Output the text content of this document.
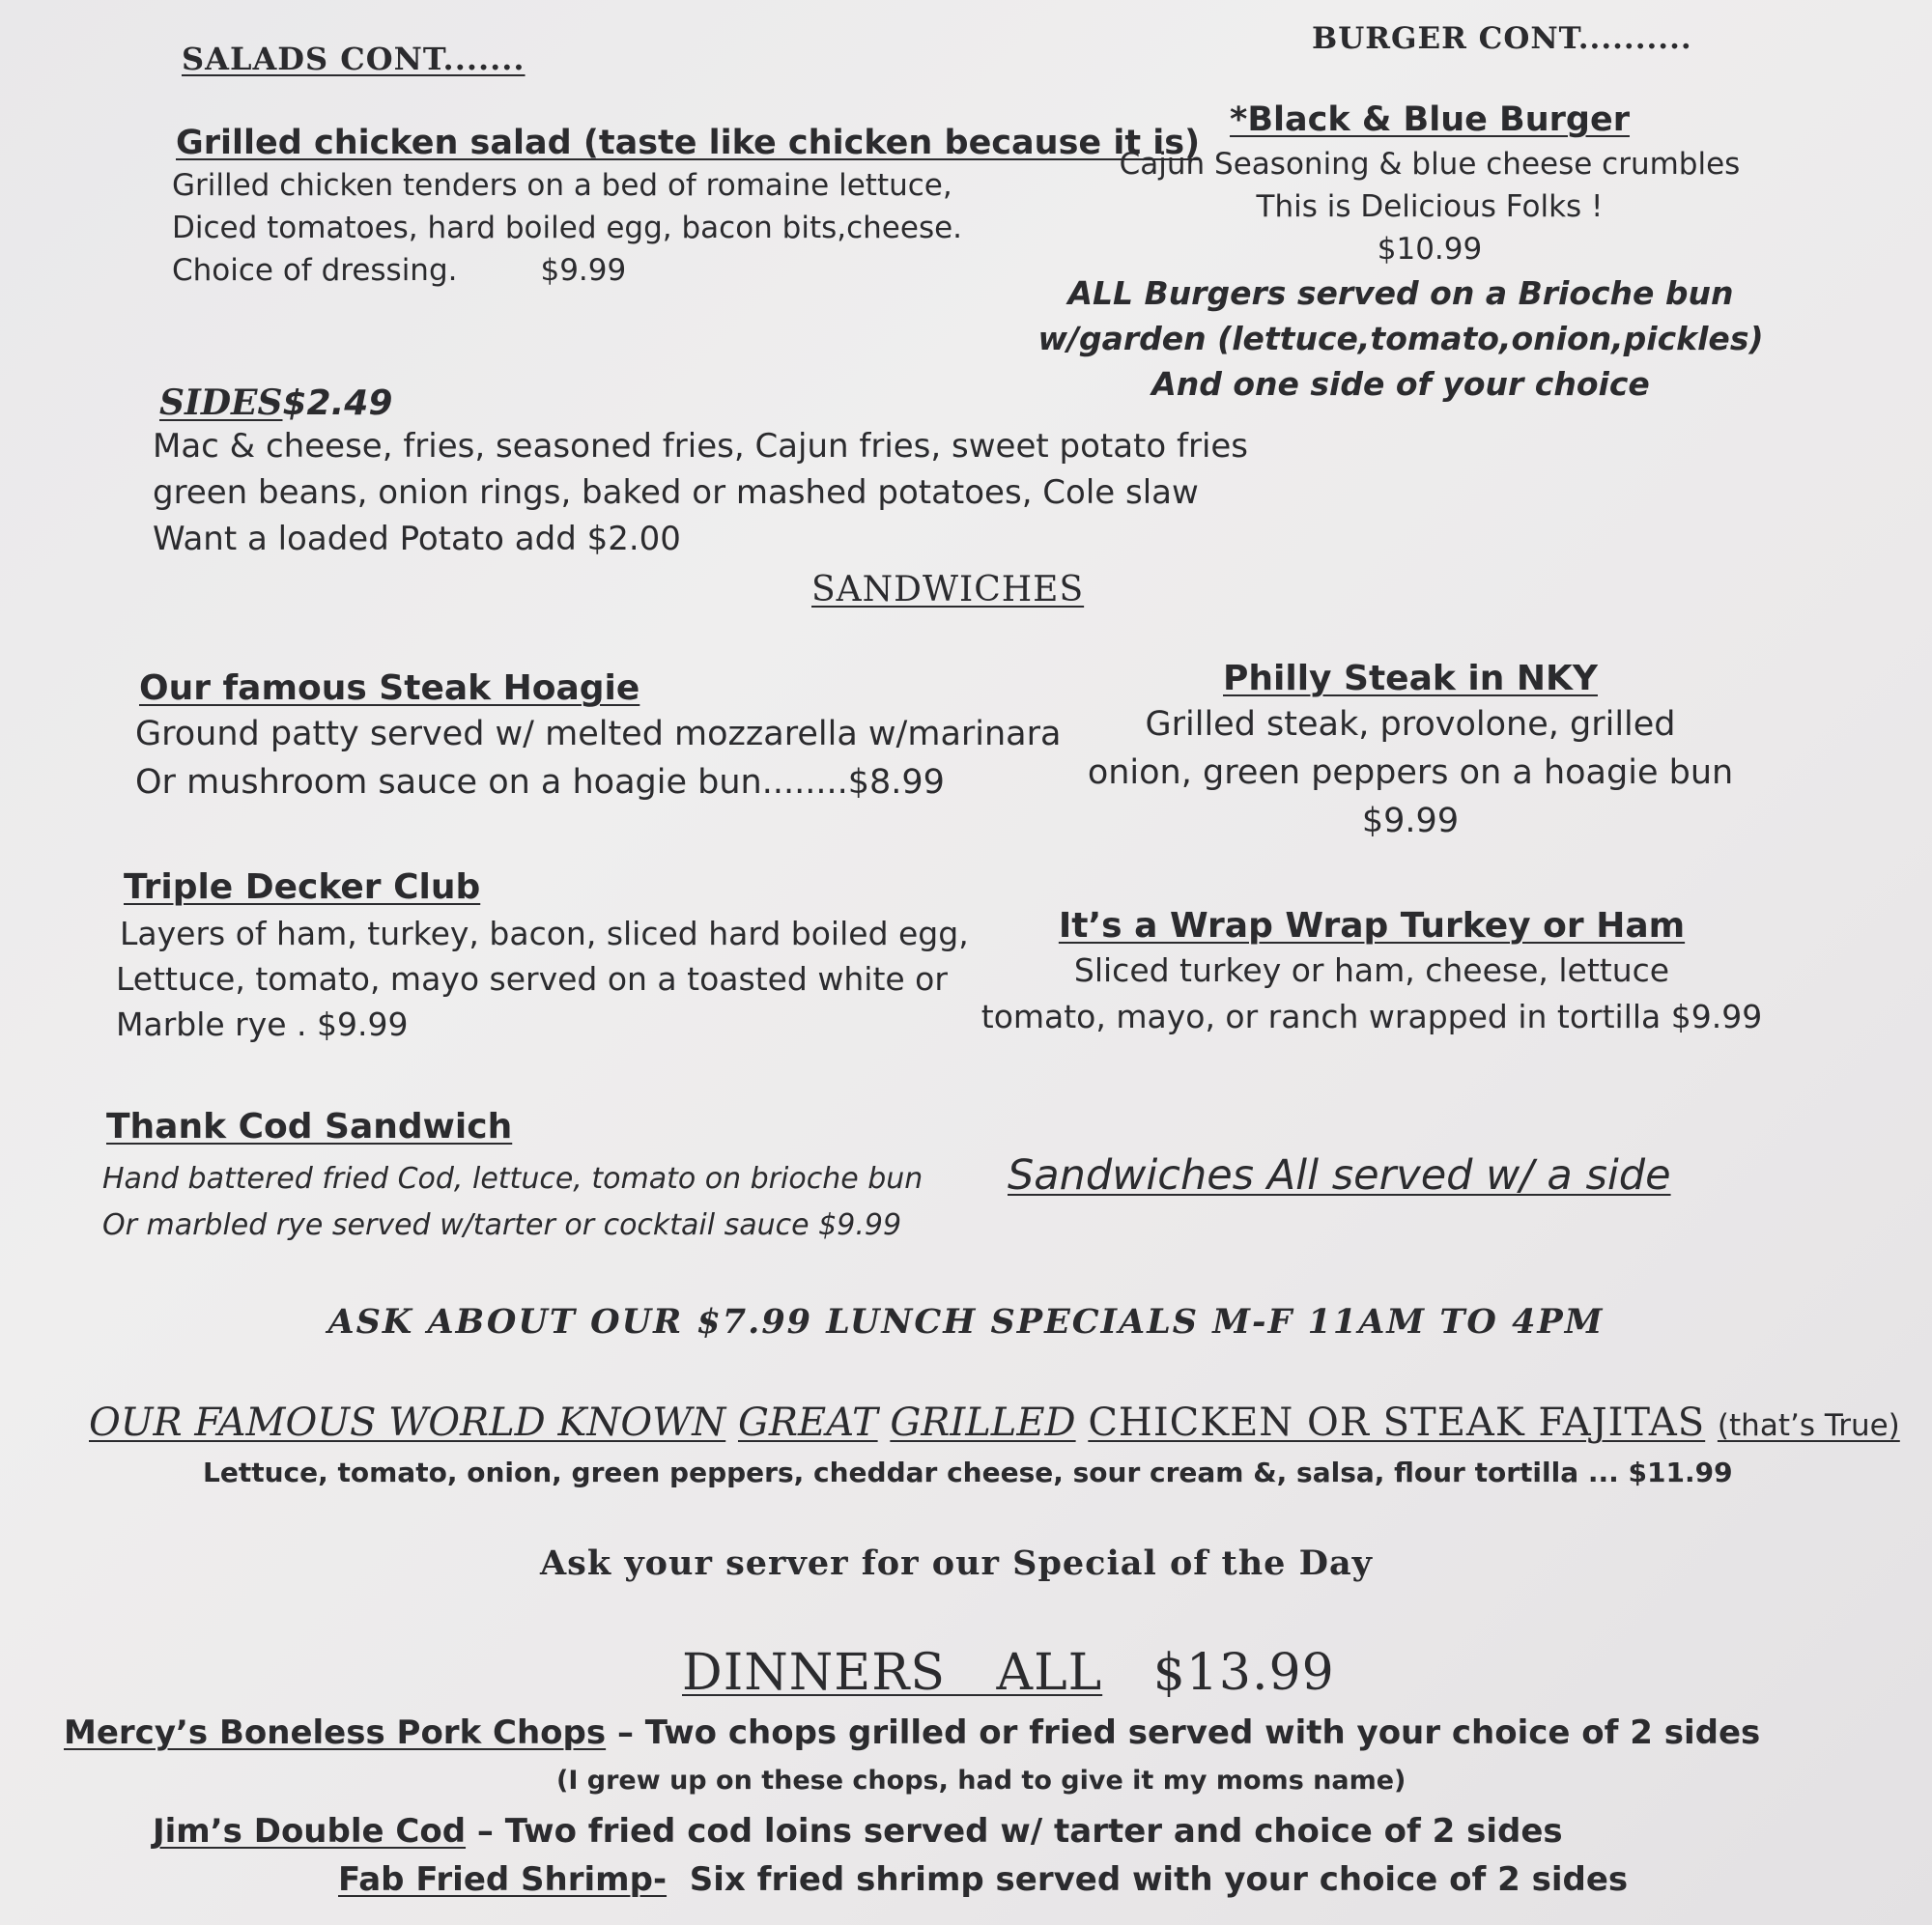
SALADS CONT.......
Grilled chicken salad (taste like chicken because it is)
Grilled chicken tenders on a bed of romaine lettuce,
Diced tomatoes, hard boiled egg, bacon bits,cheese.
Choice of dressing.	$9.99
BURGER CONT..........
*Black & Blue Burger
Cajun Seasoning & blue cheese crumbles
This is Delicious Folks !
$10.99
ALL Burgers served on a Brioche bun
w/garden (lettuce,tomato,onion,pickles)
And one side of your choice
SIDES$2.49
Mac & cheese, fries, seasoned fries, Cajun fries, sweet potato fries
green beans, onion rings, baked or mashed potatoes, Cole slaw
Want a loaded Potato add $2.00
SANDWICHES
Our famous Steak Hoagie
Ground patty served w/ melted mozzarella w/marinara
Or mushroom sauce on a hoagie bun........$8.99
Philly Steak in NKY
Grilled steak, provolone, grilled
onion, green peppers on a hoagie bun
$9.99
Triple Decker Club
Layers of ham, turkey, bacon, sliced hard boiled egg,
Lettuce, tomato, mayo served on a toasted white or
Marble rye . $9.99
It’s a Wrap Wrap Turkey or Ham
Sliced turkey or ham, cheese, lettuce
tomato, mayo, or ranch wrapped in tortilla $9.99
Thank Cod Sandwich
Hand battered fried Cod, lettuce, tomato on brioche bun
Or marbled rye served w/tarter or cocktail sauce $9.99
Sandwiches All served w/ a side
ASK ABOUT OUR $7.99 LUNCH SPECIALS M-F 11AM TO 4PM
OUR FAMOUS WORLD KNOWN GREAT GRILLED CHICKEN OR STEAK FAJITAS (that’s True)
Lettuce, tomato, onion, green peppers, cheddar cheese, sour cream &, salsa, flour tortilla ... $11.99
Ask your server for our Special of the Day
DINNERS   ALL $13.99
Mercy’s Boneless Pork Chops – Two chops grilled or fried served with your choice of 2 sides
(I grew up on these chops, had to give it my moms name)
Jim’s Double Cod – Two fried cod loins served w/ tarter and choice of 2 sides
Fab Fried Shrimp-  Six fried shrimp served with your choice of 2 sides
